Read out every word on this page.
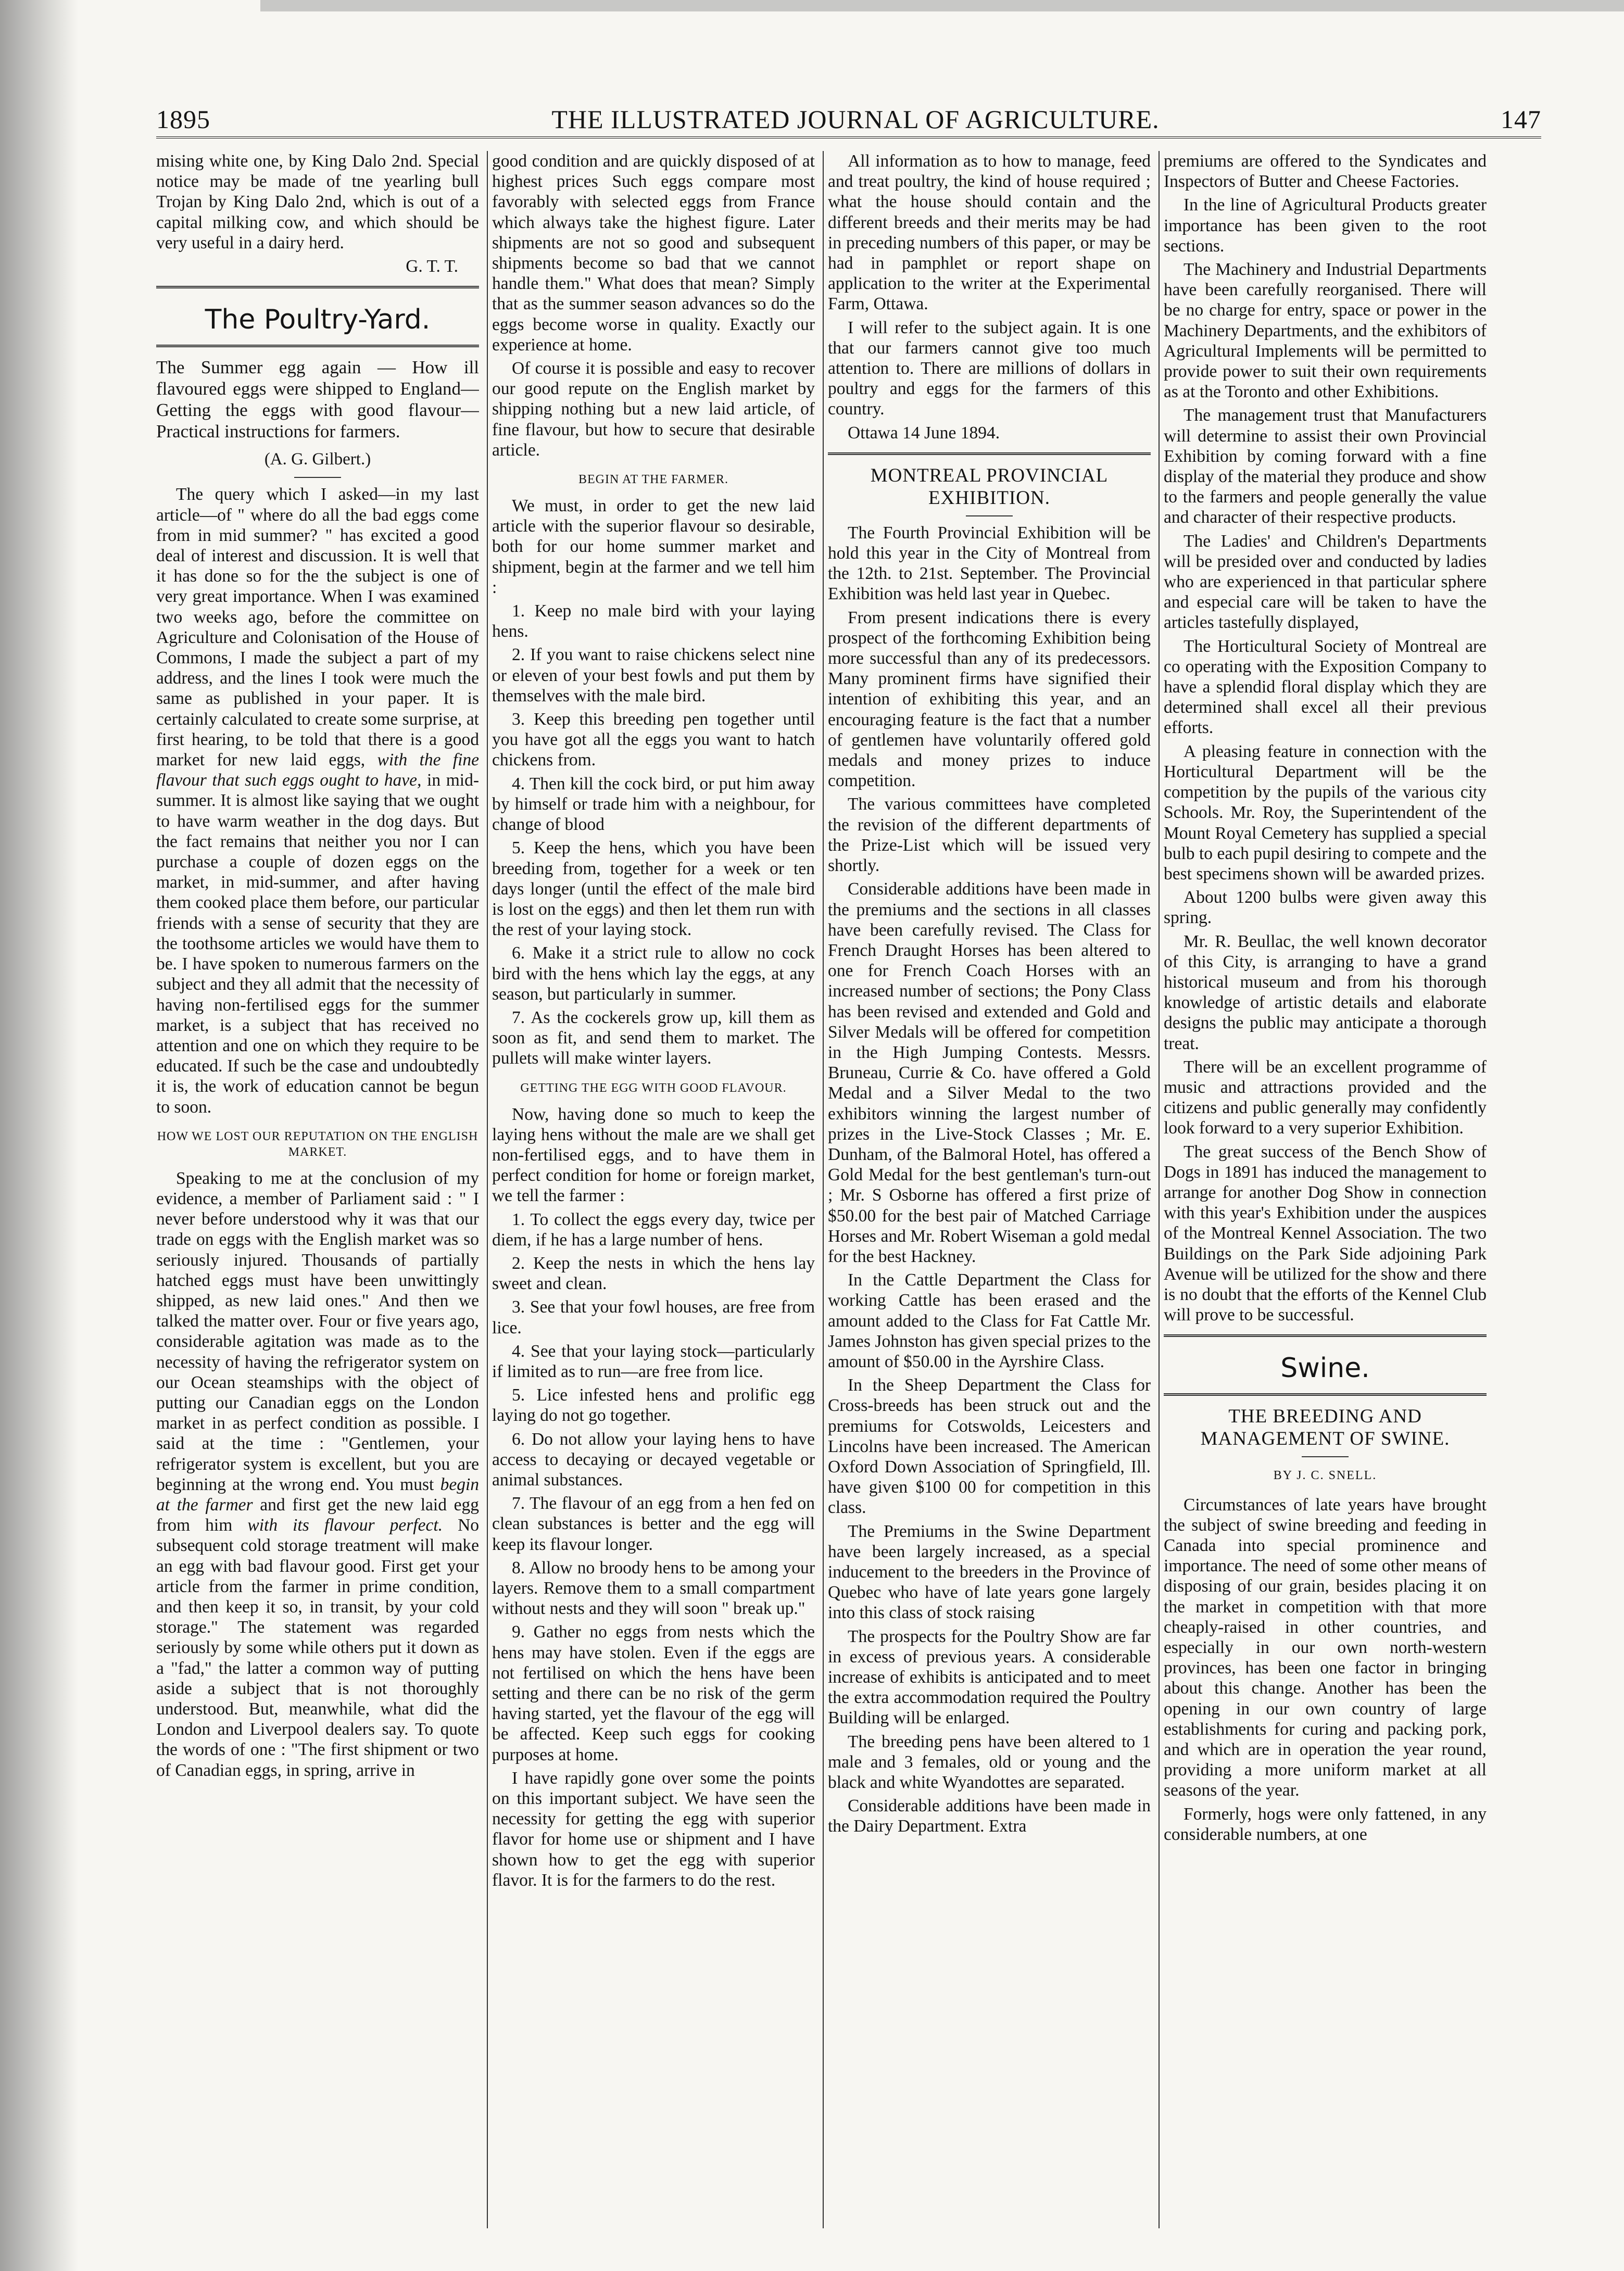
1895	THE ILLUSTRATED JOURNAL OF AGRICULTURE.	147

mising white one, by King Dalo 2nd. Special notice may be made of tne yearling bull Trojan by King Dalo 2nd, which is out of a capital milking cow, and which should be very useful in a dairy herd.

G. T. T.
The Poultry-Yard.
The Summer egg again — How ill flavoured eggs were shipped to England—Getting the eggs with good flavour—Practical instructions for farmers.
(A. G. Gilbert.)

The query which I asked—in my last article—of " where do all the bad eggs come from in mid summer? " has excited a good deal of interest and discussion. It is well that it has done so for the the subject is one of very great importance. When I was examined two weeks ago, before the committee on Agriculture and Colonisation of the House of Commons, I made the subject a part of my address, and the lines I took were much the same as published in your paper. It is certainly calculated to create some surprise, at first hearing, to be told that there is a good market for new laid eggs, with the fine flavour that such eggs ought to have, in mid-summer. It is almost like saying that we ought to have warm weather in the dog days. But the fact remains that neither you nor I can purchase a couple of dozen eggs on the market, in mid-summer, and after having them cooked place them before, our particular friends with a sense of security that they are the toothsome articles we would have them to be. I have spoken to numerous farmers on the subject and they all admit that the necessity of having non-fertilised eggs for the summer market, is a subject that has received no attention and one on which they require to be educated. If such be the case and undoubtedly it is, the work of education cannot be begun to soon.

HOW WE LOST OUR REPUTATION ON THE ENGLISH MARKET.

Speaking to me at the conclusion of my evidence, a member of Parliament said : " I never before understood why it was that our trade on eggs with the English market was so seriously injured. Thousands of partially hatched eggs must have been unwittingly shipped, as new laid ones." And then we talked the matter over. Four or five years ago, considerable agitation was made as to the necessity of having the refrigerator system on our Ocean steamships with the object of putting our Canadian eggs on the London market in as perfect condition as possible. I said at the time : "Gentlemen, your refrigerator system is excellent, but you are beginning at the wrong end. You must begin at the farmer and first get the new laid egg from him with its flavour perfect. No subsequent cold storage treatment will make an egg with bad flavour good. First get your article from the farmer in prime condition, and then keep it so, in transit, by your cold storage." The statement was regarded seriously by some while others put it down as a "fad," the latter a common way of putting aside a subject that is not thoroughly understood. But, meanwhile, what did the London and Liverpool dealers say. To quote the words of one : "The first shipment or two of Canadian eggs, in spring, arrive in

good condition and are quickly disposed of at highest prices Such eggs compare most favorably with selected eggs from France which always take the highest figure. Later shipments are not so good and subsequent shipments become so bad that we cannot handle them." What does that mean? Simply that as the summer season advances so do the eggs become worse in quality. Exactly our experience at home.

Of course it is possible and easy to recover our good repute on the English market by shipping nothing but a new laid article, of fine flavour, but how to secure that desirable article.

BEGIN AT THE FARMER.

We must, in order to get the new laid article with the superior flavour so desirable, both for our home summer market and shipment, begin at the farmer and we tell him :

1. Keep no male bird with your laying hens.

2. If you want to raise chickens select nine or eleven of your best fowls and put them by themselves with the male bird.

3. Keep this breeding pen together until you have got all the eggs you want to hatch chickens from.

4. Then kill the cock bird, or put him away by himself or trade him with a neighbour, for change of blood

5. Keep the hens, which you have been breeding from, together for a week or ten days longer (until the effect of the male bird is lost on the eggs) and then let them run with the rest of your laying stock.

6. Make it a strict rule to allow no cock bird with the hens which lay the eggs, at any season, but particularly in summer.

7. As the cockerels grow up, kill them as soon as fit, and send them to market. The pullets will make winter layers.

GETTING THE EGG WITH GOOD FLAVOUR.

Now, having done so much to keep the laying hens without the male are we shall get non-fertilised eggs, and to have them in perfect condition for home or foreign market, we tell the farmer :

1. To collect the eggs every day, twice per diem, if he has a large number of hens.

2. Keep the nests in which the hens lay sweet and clean.

3. See that your fowl houses, are free from lice.

4. See that your laying stock—particularly if limited as to run—are free from lice.

5. Lice infested hens and prolific egg laying do not go together.

6. Do not allow your laying hens to have access to decaying or decayed vegetable or animal substances.

7. The flavour of an egg from a hen fed on clean substances is better and the egg will keep its flavour longer.

8. Allow no broody hens to be among your layers. Remove them to a small compartment without nests and they will soon " break up."

9. Gather no eggs from nests which the hens may have stolen. Even if the eggs are not fertilised on which the hens have been setting and there can be no risk of the germ having started, yet the flavour of the egg will be affected. Keep such eggs for cooking purposes at home.

I have rapidly gone over some the points on this important subject. We have seen the necessity for getting the egg with superior flavor for home use or shipment and I have shown how to get the egg with superior flavor. It is for the farmers to do the rest.

All information as to how to manage, feed and treat poultry, the kind of house required ; what the house should contain and the different breeds and their merits may be had in preceding numbers of this paper, or may be had in pamphlet or report shape on application to the writer at the Experimental Farm, Ottawa.

I will refer to the subject again. It is one that our farmers cannot give too much attention to. There are millions of dollars in poultry and eggs for the farmers of this country.

Ottawa 14 June 1894.

MONTREAL PROVINCIAL EXHIBITION.

The Fourth Provincial Exhibition will be hold this year in the City of Montreal from the 12th. to 21st. September. The Provincial Exhibition was held last year in Quebec.

From present indications there is every prospect of the forthcoming Exhibition being more successful than any of its predecessors. Many prominent firms have signified their intention of exhibiting this year, and an encouraging feature is the fact that a number of gentlemen have voluntarily offered gold medals and money prizes to induce competition.

The various committees have completed the revision of the different departments of the Prize-List which will be issued very shortly.

Considerable additions have been made in the premiums and the sections in all classes have been carefully revised. The Class for French Draught Horses has been altered to one for French Coach Horses with an increased number of sections; the Pony Class has been revised and extended and Gold and Silver Medals will be offered for competition in the High Jumping Contests. Messrs. Bruneau, Currie & Co. have offered a Gold Medal and a Silver Medal to the two exhibitors winning the largest number of prizes in the Live-Stock Classes ; Mr. E. Dunham, of the Balmoral Hotel, has offered a Gold Medal for the best gentleman's turn-out ; Mr. S Osborne has offered a first prize of $50.00 for the best pair of Matched Carriage Horses and Mr. Robert Wiseman a gold medal for the best Hackney.

In the Cattle Department the Class for working Cattle has been erased and the amount added to the Class for Fat Cattle Mr. James Johnston has given special prizes to the amount of $50.00 in the Ayrshire Class.

In the Sheep Department the Class for Cross-breeds has been struck out and the premiums for Cotswolds, Leicesters and Lincolns have been increased. The American Oxford Down Association of Springfield, Ill. have given $100 00 for competition in this class.

The Premiums in the Swine Department have been largely increased, as a special inducement to the breeders in the Province of Quebec who have of late years gone largely into this class of stock raising

The prospects for the Poultry Show are far in excess of previous years. A considerable increase of exhibits is anticipated and to meet the extra accommodation required the Poultry Building will be enlarged.

The breeding pens have been altered to 1 male and 3 females, old or young and the black and white Wyandottes are separated.

Considerable additions have been made in the Dairy Department. Extra

premiums are offered to the Syndicates and Inspectors of Butter and Cheese Factories.

In the line of Agricultural Products greater importance has been given to the root sections.

The Machinery and Industrial Departments have been carefully reorganised. There will be no charge for entry, space or power in the Machinery Departments, and the exhibitors of Agricultural Implements will be permitted to provide power to suit their own requirements as at the Toronto and other Exhibitions.

The management trust that Manufacturers will determine to assist their own Provincial Exhibition by coming forward with a fine display of the material they produce and show to the farmers and people generally the value and character of their respective products.

The Ladies' and Children's Departments will be presided over and conducted by ladies who are experienced in that particular sphere and especial care will be taken to have the articles tastefully displayed,

The Horticultural Society of Montreal are co operating with the Exposition Company to have a splendid floral display which they are determined shall excel all their previous efforts.

A pleasing feature in connection with the Horticultural Department will be the competition by the pupils of the various city Schools. Mr. Roy, the Superintendent of the Mount Royal Cemetery has supplied a special bulb to each pupil desiring to compete and the best specimens shown will be awarded prizes.

About 1200 bulbs were given away this spring.

Mr. R. Beullac, the well known decorator of this City, is arranging to have a grand historical museum and from his thorough knowledge of artistic details and elaborate designs the public may anticipate a thorough treat.

There will be an excellent programme of music and attractions provided and the citizens and public generally may confidently look forward to a very superior Exhibition.

The great success of the Bench Show of Dogs in 1891 has induced the management to arrange for another Dog Show in connection with this year's Exhibition under the auspices of the Montreal Kennel Association. The two Buildings on the Park Side adjoining Park Avenue will be utilized for the show and there is no doubt that the efforts of the Kennel Club will prove to be successful.

Swine.
THE BREEDING AND MANAGEMENT OF SWINE.
BY J. C. SNELL.

Circumstances of late years have brought the subject of swine breeding and feeding in Canada into special prominence and importance. The need of some other means of disposing of our grain, besides placing it on the market in competition with that more cheaply-raised in other countries, and especially in our own north-western provinces, has been one factor in bringing about this change. Another has been the opening in our own country of large establishments for curing and packing pork, and which are in operation the year round, providing a more uniform market at all seasons of the year.

Formerly, hogs were only fattened, in any considerable numbers, at one
